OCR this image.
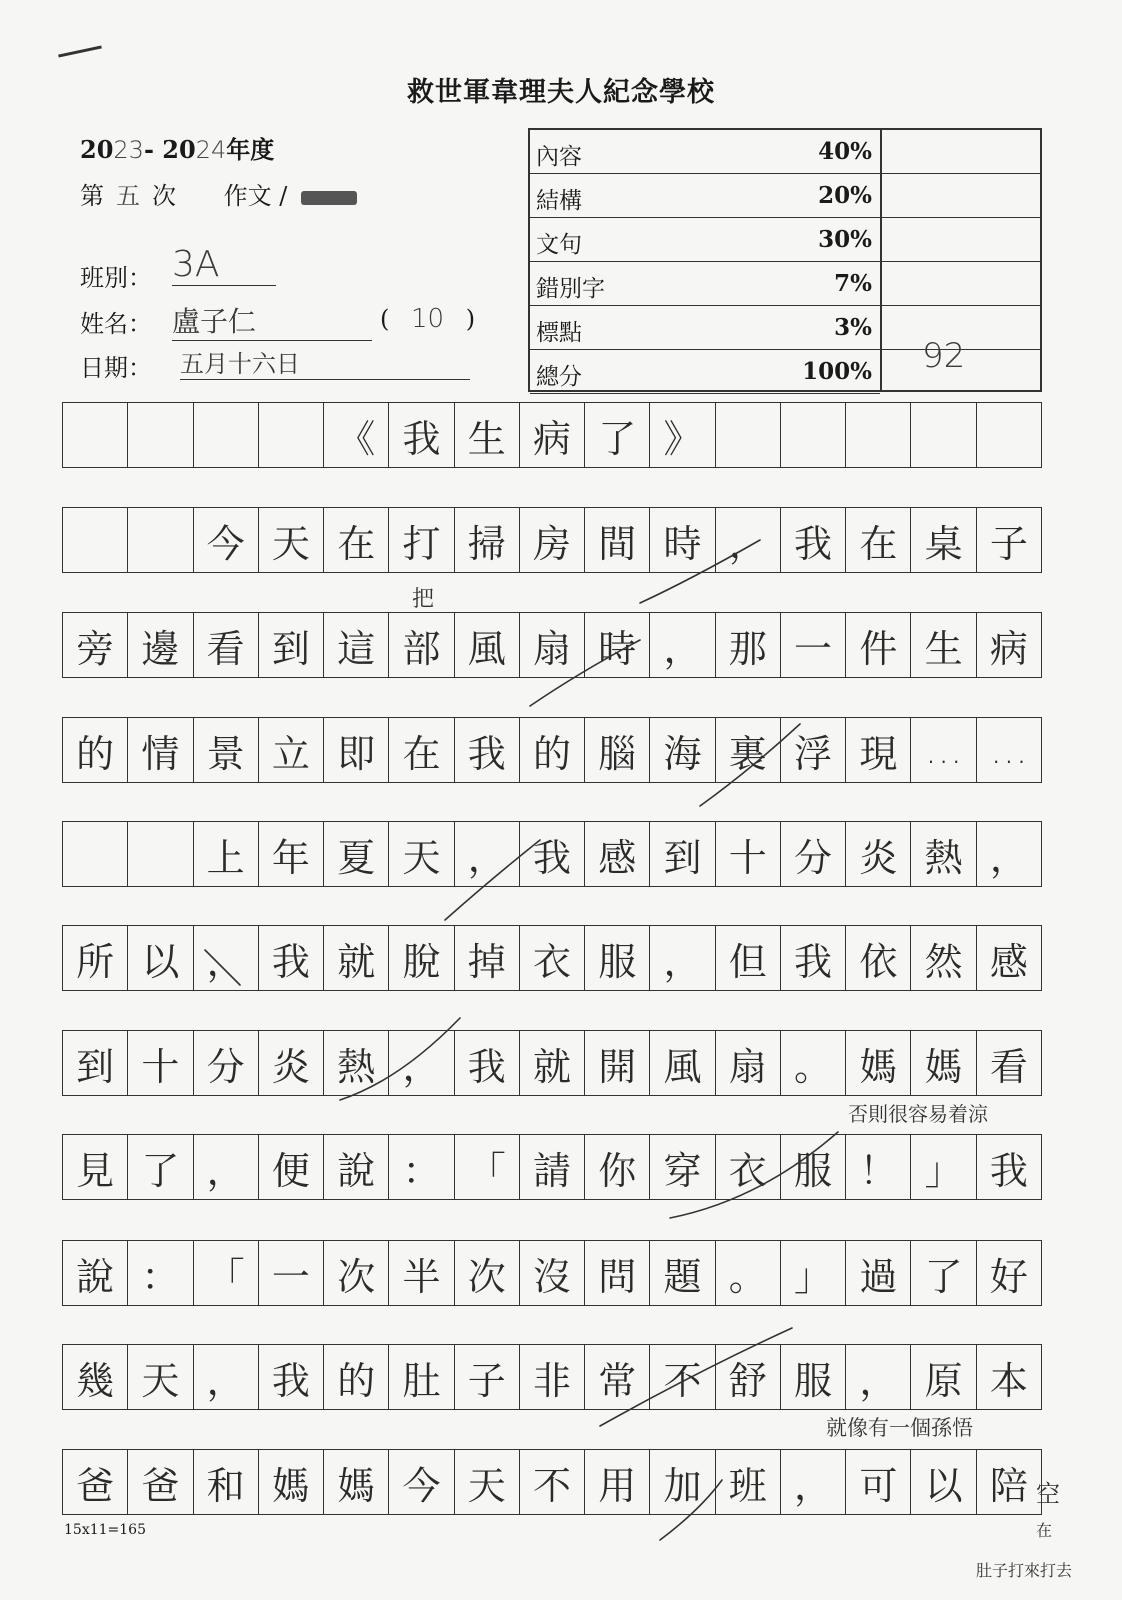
救世軍韋理夫人紀念學校
2023- 2024年度
第 五 次 作文 /
班別： 3A
姓名： 盧子仁	( 10 )
日期： 五月十六日
內容	40%
結構	20%
文句	30%
錯別字	7%
標點	3%
總分	100% 92
《 我 生 病 了 》
今 天 在 打 掃 房 間 時 ， 我 在 桌 子
旁 邊 看 到 這 部 風 扇 時 ， 那 一 件 生 病
的 情 景 立 即 在 我 的 腦 海 裏 浮 現 … …
上 年 夏 天 ， 我 感 到 十 分 炎 熱 ，
所 以 ， 我 就 脫 掉 衣 服 ， 但 我 依 然 感
到 十 分 炎 熱 ， 我 就 開 風 扇 。 媽 媽 看
見 了 ， 便 說 ： 「 請 你 穿 衣 服 ！ 」 我
說 ： 「 一 次 半 次 沒 問 題 。 」 過 了 好
幾 天 ， 我 的 肚 子 非 常 不 舒 服 ， 原 本
爸 爸 和 媽 媽 今 天 不 用 加 班 ， 可 以 陪
把
否則很容易着涼
就像有一個孫悟
空
在
肚子打來打去
15x11=165
